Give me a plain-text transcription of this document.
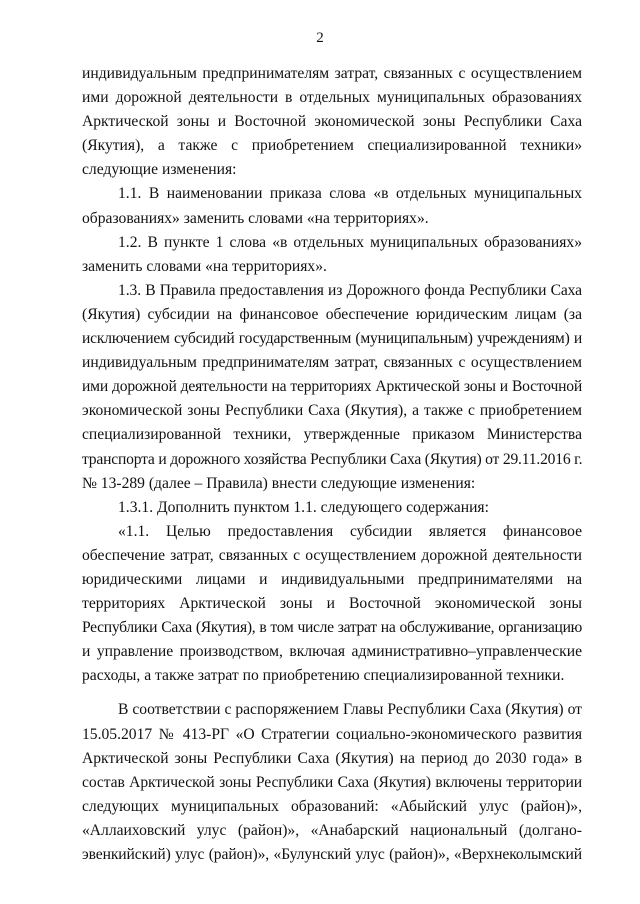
2
индивидуальным предпринимателям затрат, связанных с осуществлением
ими дорожной деятельности в отдельных муниципальных образованиях
Арктической зоны и Восточной экономической зоны Республики Саха
(Якутия), а также с приобретением специализированной техники»
следующие изменения:
1.1. В наименовании приказа слова «в отдельных муниципальных
образованиях» заменить словами «на территориях».
1.2. В пункте 1 слова «в отдельных муниципальных образованиях»
заменить словами «на территориях».
1.3. В Правила предоставления из Дорожного фонда Республики Саха
(Якутия) субсидии на финансовое обеспечение юридическим лицам (за
исключением субсидий государственным (муниципальным) учреждениям) и
индивидуальным предпринимателям затрат, связанных с осуществлением
ими дорожной деятельности на территориях Арктической зоны и Восточной
экономической зоны Республики Саха (Якутия), а также с приобретением
специализированной техники, утвержденные приказом Министерства
транспорта и дорожного хозяйства Республики Саха (Якутия) от 29.11.2016 г.
№ 13-289 (далее – Правила) внести следующие изменения:
1.3.1. Дополнить пунктом 1.1. следующего содержания:
«1.1. Целью предоставления субсидии является финансовое
обеспечение затрат, связанных с осуществлением дорожной деятельности
юридическими лицами и индивидуальными предпринимателями на
территориях Арктической зоны и Восточной экономической зоны
Республики Саха (Якутия), в том числе затрат на обслуживание, организацию
и управление производством, включая административно–управленческие
расходы, а также затрат по приобретению специализированной техники.
В соответствии с распоряжением Главы Республики Саха (Якутия) от
15.05.2017 № 413-РГ «О Стратегии социально-экономического развития
Арктической зоны Республики Саха (Якутия) на период до 2030 года» в
состав Арктической зоны Республики Саха (Якутия) включены территории
следующих муниципальных образований: «Абыйский улус (район)»,
«Аллаиховский улус (район)», «Анабарский национальный (долгано-
эвенкийский) улус (район)», «Булунский улус (район)», «Верхнеколымский
